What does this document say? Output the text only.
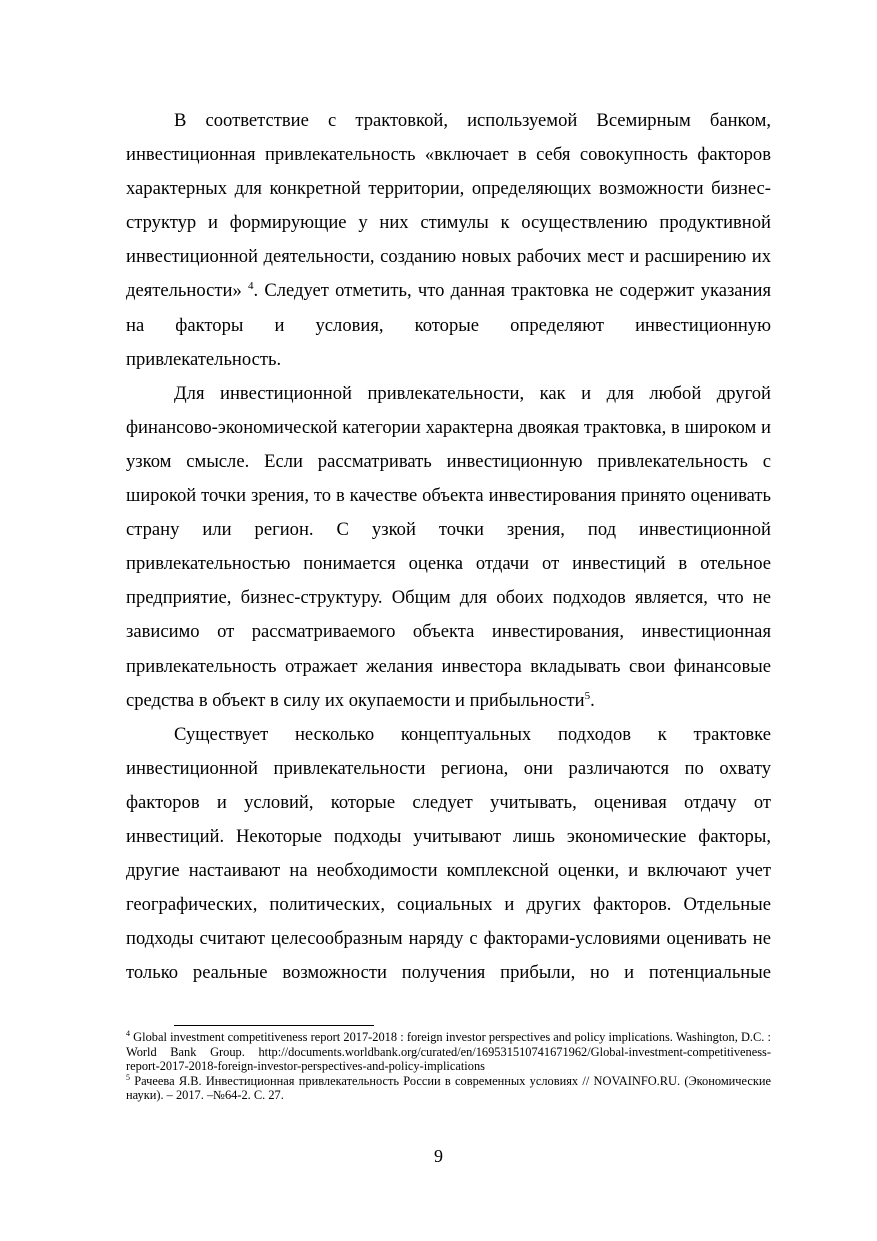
В соответствие с трактовкой, используемой Всемирным банком, инвестиционная привлекательность «включает в себя совокупность факторов характерных для конкретной территории, определяющих возможности бизнес-структур и формирующие у них стимулы к осуществлению продуктивной инвестиционной деятельности, созданию новых рабочих мест и расширению их деятельности» $^4$. Следует отметить, что данная трактовка не содержит указания на факторы и условия, которые определяют инвестиционную привлекательность.

Для инвестиционной привлекательности, как и для любой другой финансово-экономической категории характерна двоякая трактовка, в широком и узком смысле. Если рассматривать инвестиционную привлекательность с широкой точки зрения, то в качестве объекта инвестирования принято оценивать страну или регион. С узкой точки зрения, под инвестиционной привлекательностью понимается оценка отдачи от инвестиций в отельное предприятие, бизнес-структуру. Общим для обоих подходов является, что не зависимо от рассматриваемого объекта инвестирования, инвестиционная привлекательность отражает желания инвестора вкладывать свои финансовые средства в объект в силу их окупаемости и прибыльности$^5$.

Существует несколько концептуальных подходов к трактовке инвестиционной привлекательности региона, они различаются по охвату факторов и условий, которые следует учитывать, оценивая отдачу от инвестиций. Некоторые подходы учитывают лишь экономические факторы, другие настаивают на необходимости комплексной оценки, и включают учет географических, политических, социальных и других факторов. Отдельные подходы считают целесообразным наряду с факторами-условиями оценивать не только реальные возможности получения прибыли, но и потенциальные

$^4$ Global investment competitiveness report 2017-2018 : foreign investor perspectives and policy implications. Washington, D.C. : World Bank Group. http://documents.worldbank.org/curated/en/169531510741671962/Global-investment-competitiveness-report-2017-2018-foreign-investor-perspectives-and-policy-implications

$^5$ Рачеева Я.В. Инвестиционная привлекательность России в современных условиях // NOVAINFO.RU. (Экономические науки). – 2017. –№64-2. С. 27.

9
